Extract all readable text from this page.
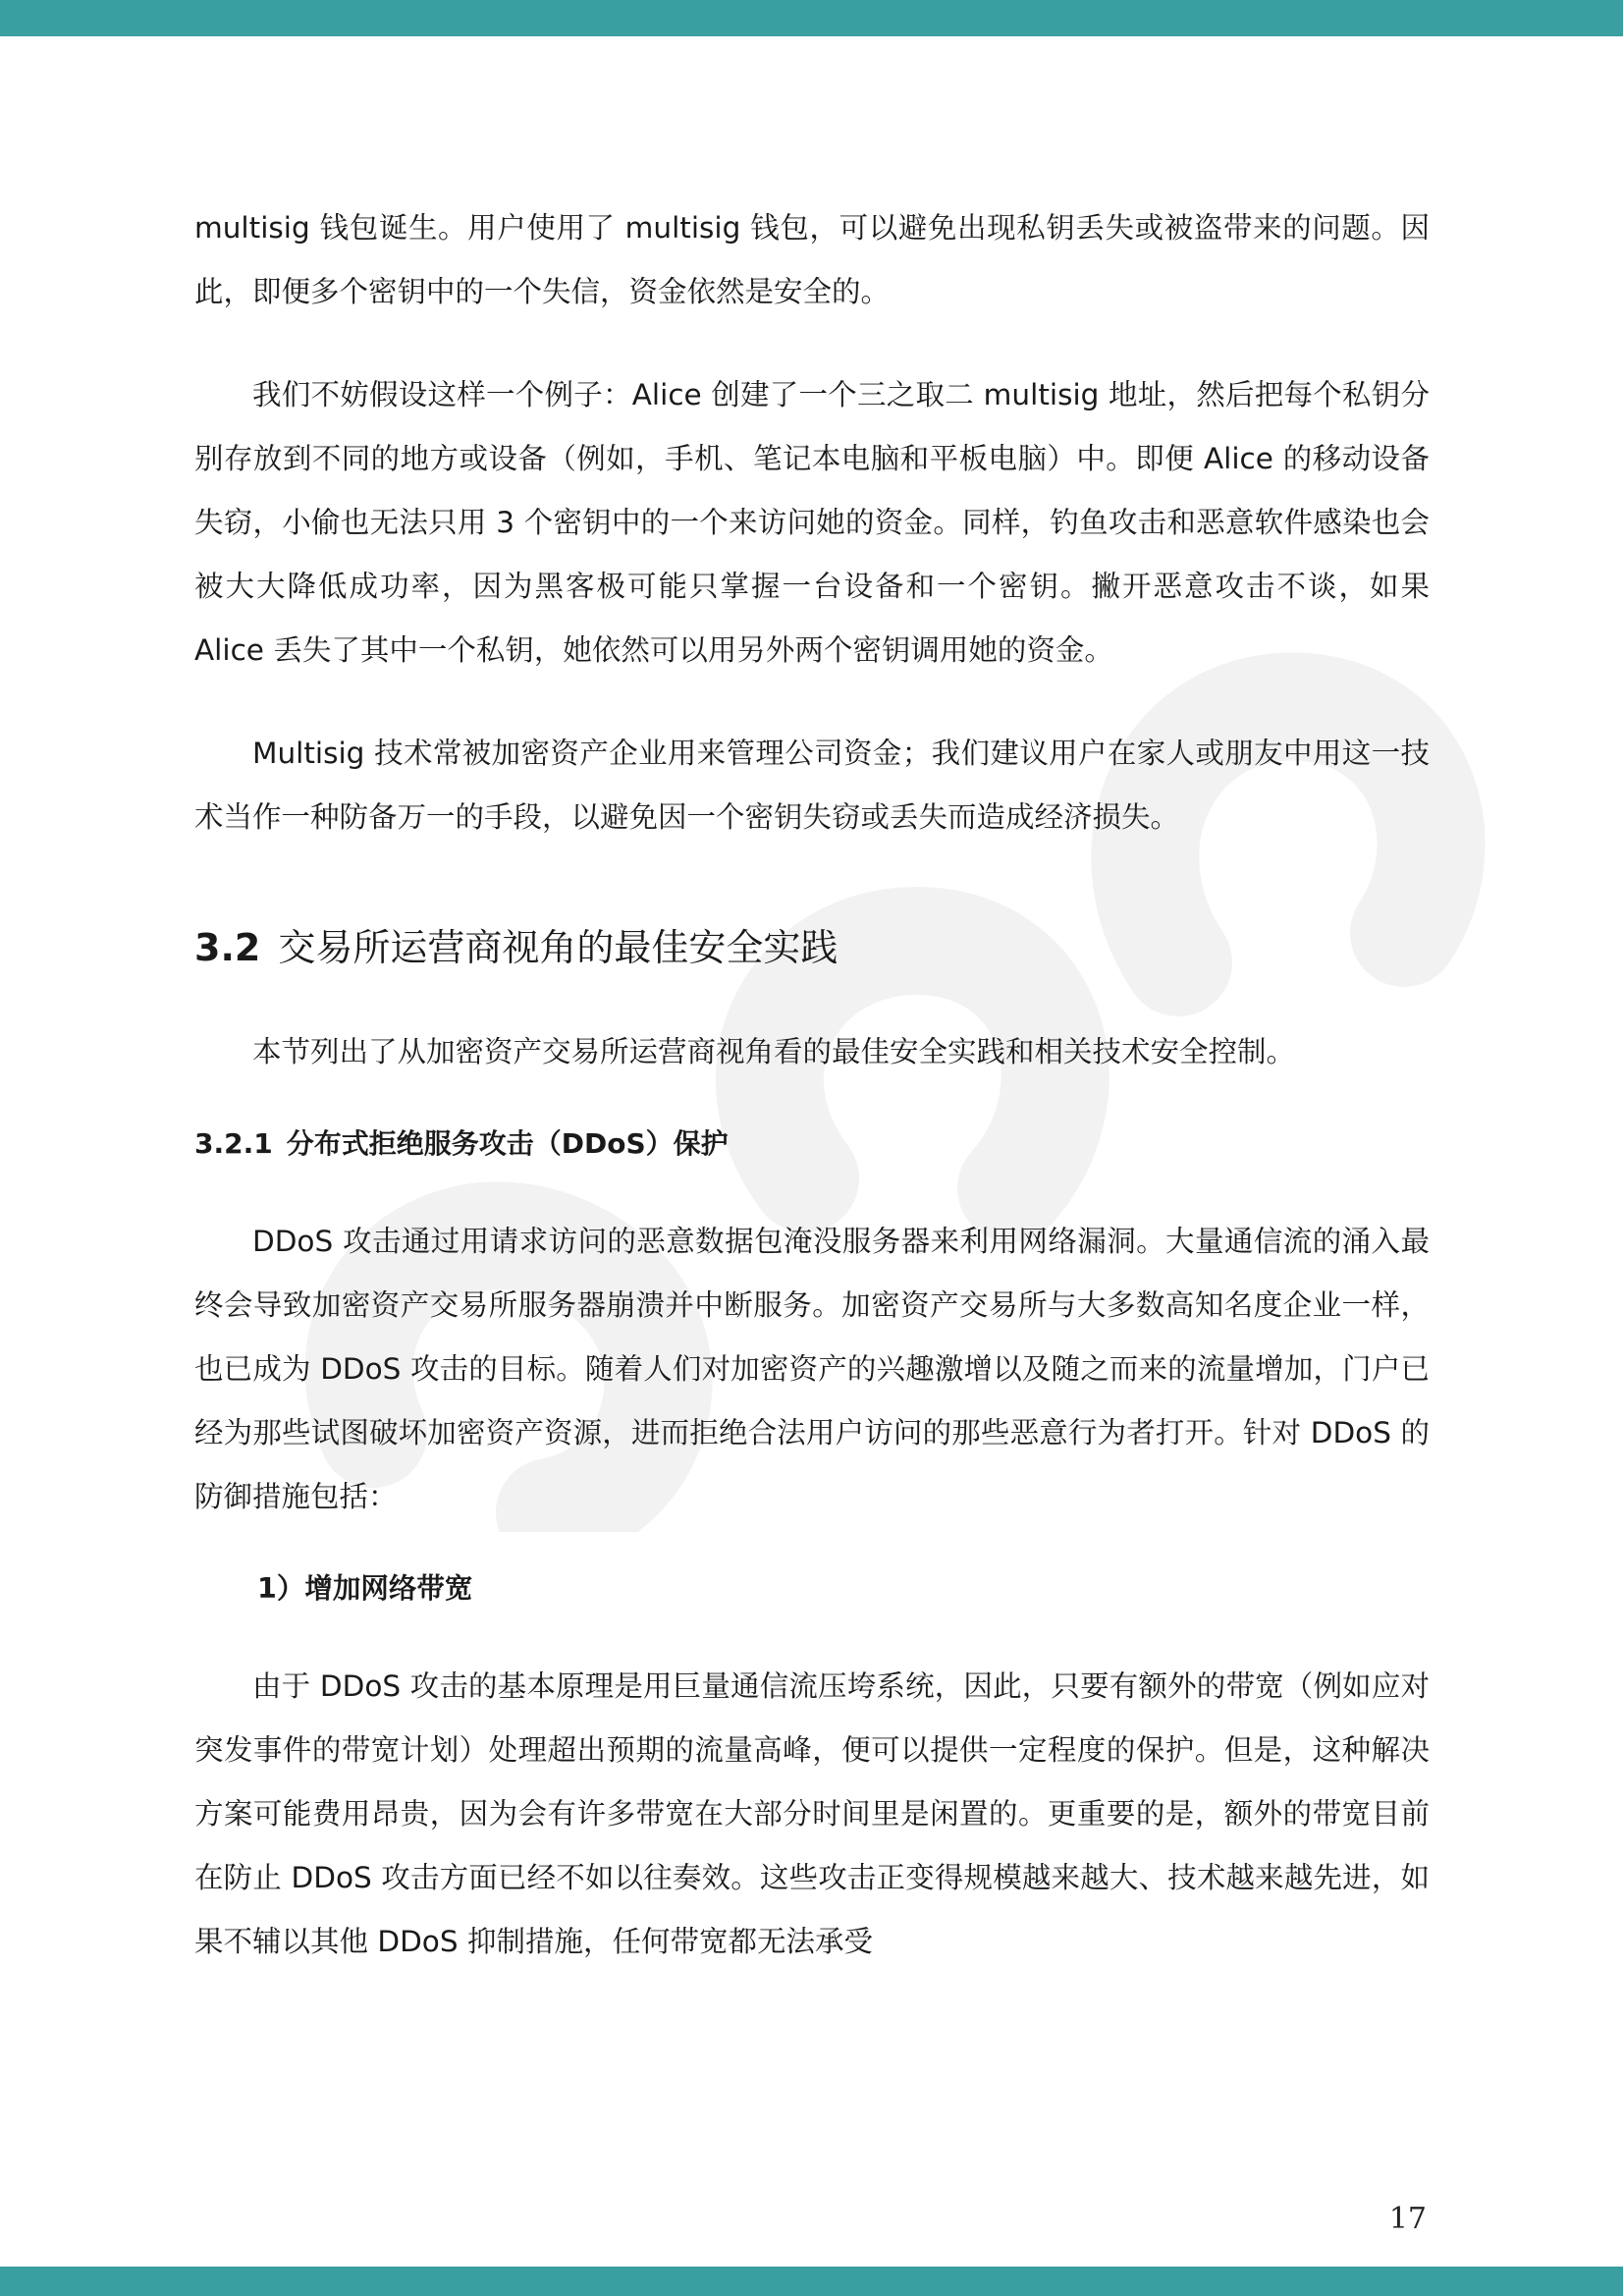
multisig 钱包诞生。用户使用了 multisig 钱包，可以避免出现私钥丢失或被盗带来的问题。因此，即便多个密钥中的一个失信，资金依然是安全的。

我们不妨假设这样一个例子：Alice 创建了一个三之取二 multisig 地址，然后把每个私钥分别存放到不同的地方或设备（例如，手机、笔记本电脑和平板电脑）中。即便 Alice 的移动设备失窃，小偷也无法只用 3 个密钥中的一个来访问她的资金。同样，钓鱼攻击和恶意软件感染也会被大大降低成功率，因为黑客极可能只掌握一台设备和一个密钥。撇开恶意攻击不谈，如果 Alice 丢失了其中一个私钥，她依然可以用另外两个密钥调用她的资金。

Multisig 技术常被加密资产企业用来管理公司资金；我们建议用户在家人或朋友中用这一技术当作一种防备万一的手段，以避免因一个密钥失窃或丢失而造成经济损失。

3.2 交易所运营商视角的最佳安全实践

本节列出了从加密资产交易所运营商视角看的最佳安全实践和相关技术安全控制。

3.2.1 分布式拒绝服务攻击（DDoS）保护

DDoS 攻击通过用请求访问的恶意数据包淹没服务器来利用网络漏洞。大量通信流的涌入最终会导致加密资产交易所服务器崩溃并中断服务。加密资产交易所与大多数高知名度企业一样，也已成为 DDoS 攻击的目标。随着人们对加密资产的兴趣激增以及随之而来的流量增加，门户已经为那些试图破坏加密资产资源，进而拒绝合法用户访问的那些恶意行为者打开。针对 DDoS 的防御措施包括：

1）增加网络带宽

由于 DDoS 攻击的基本原理是用巨量通信流压垮系统，因此，只要有额外的带宽（例如应对突发事件的带宽计划）处理超出预期的流量高峰，便可以提供一定程度的保护。但是，这种解决方案可能费用昂贵，因为会有许多带宽在大部分时间里是闲置的。更重要的是，额外的带宽目前在防止 DDoS 攻击方面已经不如以往奏效。这些攻击正变得规模越来越大、技术越来越先进，如果不辅以其他 DDoS 抑制措施，任何带宽都无法承受

17
